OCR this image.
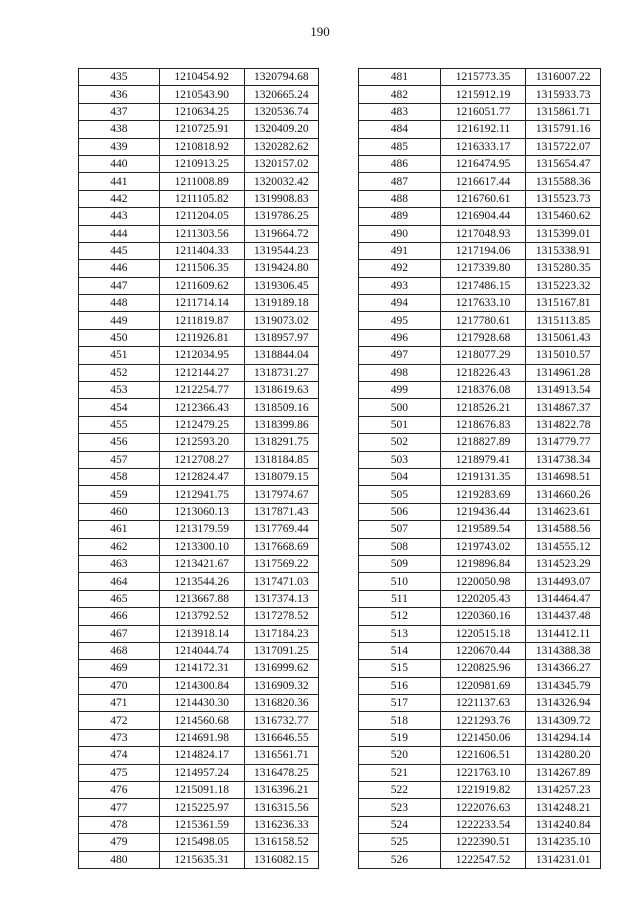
190
435	1210454.92	1320794.68
436	1210543.90	1320665.24
437	1210634.25	1320536.74
438	1210725.91	1320409.20
439	1210818.92	1320282.62
440	1210913.25	1320157.02
441	1211008.89	1320032.42
442	1211105.82	1319908.83
443	1211204.05	1319786.25
444	1211303.56	1319664.72
445	1211404.33	1319544.23
446	1211506.35	1319424.80
447	1211609.62	1319306.45
448	1211714.14	1319189.18
449	1211819.87	1319073.02
450	1211926.81	1318957.97
451	1212034.95	1318844.04
452	1212144.27	1318731.27
453	1212254.77	1318619.63
454	1212366.43	1318509.16
455	1212479.25	1318399.86
456	1212593.20	1318291.75
457	1212708.27	1318184.85
458	1212824.47	1318079.15
459	1212941.75	1317974.67
460	1213060.13	1317871.43
461	1213179.59	1317769.44
462	1213300.10	1317668.69
463	1213421.67	1317569.22
464	1213544.26	1317471.03
465	1213667.88	1317374.13
466	1213792.52	1317278.52
467	1213918.14	1317184.23
468	1214044.74	1317091.25
469	1214172.31	1316999.62
470	1214300.84	1316909.32
471	1214430.30	1316820.36
472	1214560.68	1316732.77
473	1214691.98	1316646.55
474	1214824.17	1316561.71
475	1214957.24	1316478.25
476	1215091.18	1316396.21
477	1215225.97	1316315.56
478	1215361.59	1316236.33
479	1215498.05	1316158.52
480	1215635.31	1316082.15
481	1215773.35	1316007.22
482	1215912.19	1315933.73
483	1216051.77	1315861.71
484	1216192.11	1315791.16
485	1216333.17	1315722.07
486	1216474.95	1315654.47
487	1216617.44	1315588.36
488	1216760.61	1315523.73
489	1216904.44	1315460.62
490	1217048.93	1315399.01
491	1217194.06	1315338.91
492	1217339.80	1315280.35
493	1217486.15	1315223.32
494	1217633.10	1315167.81
495	1217780.61	1315113.85
496	1217928.68	1315061.43
497	1218077.29	1315010.57
498	1218226.43	1314961.28
499	1218376.08	1314913.54
500	1218526.21	1314867.37
501	1218676.83	1314822.78
502	1218827.89	1314779.77
503	1218979.41	1314738.34
504	1219131.35	1314698.51
505	1219283.69	1314660.26
506	1219436.44	1314623.61
507	1219589.54	1314588.56
508	1219743.02	1314555.12
509	1219896.84	1314523.29
510	1220050.98	1314493.07
511	1220205.43	1314464.47
512	1220360.16	1314437.48
513	1220515.18	1314412.11
514	1220670.44	1314388.38
515	1220825.96	1314366.27
516	1220981.69	1314345.79
517	1221137.63	1314326.94
518	1221293.76	1314309.72
519	1221450.06	1314294.14
520	1221606.51	1314280.20
521	1221763.10	1314267.89
522	1221919.82	1314257.23
523	1222076.63	1314248.21
524	1222233.54	1314240.84
525	1222390.51	1314235.10
526	1222547.52	1314231.01
